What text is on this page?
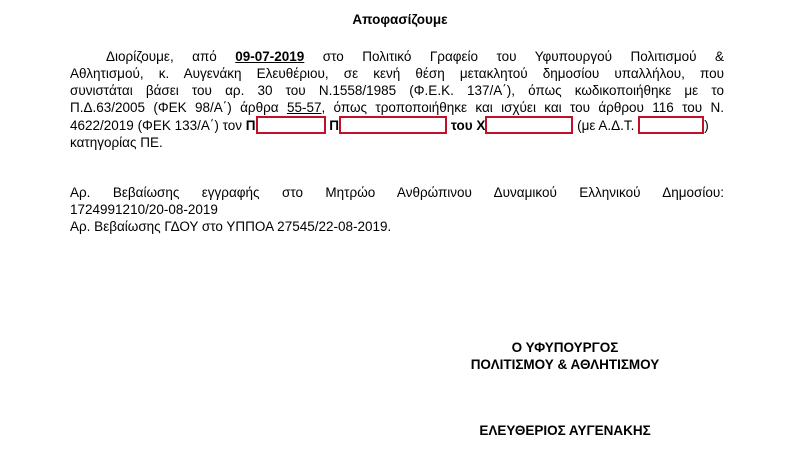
Αποφασίζουμε
Διορίζουμε, από 09-07-2019 στο Πολιτικό Γραφείο του Υφυπουργού Πολιτισμού &
Αθλητισμού, κ. Αυγενάκη Ελευθέριου, σε κενή θέση μετακλητού δημοσίου υπαλλήλου, που
συνιστάται βάσει του αρ. 30 του Ν.1558/1985 (Φ.Ε.Κ. 137/Α΄), όπως κωδικοποιήθηκε με το
Π.Δ.63/2005 (ΦΕΚ 98/Α΄) άρθρα 55-57, όπως τροποποιήθηκε και ισχύει και του άρθρου 116 του Ν.
4622/2019 (ΦΕΚ 133/Α΄) τον Π	Π	του Χ	(με Α.Δ.Τ.	)
κατηγορίας ΠΕ.
Αρ. Βεβαίωσης εγγραφής στο Μητρώο Ανθρώπινου Δυναμικού Ελληνικού Δημοσίου:
1724991210/20-08-2019
Αρ. Βεβαίωσης ΓΔΟΥ στο ΥΠΠΟΑ 27545/22-08-2019.
Ο ΥΦΥΠΟΥΡΓΟΣ
ΠΟΛΙΤΙΣΜΟΥ & ΑΘΛΗΤΙΣΜΟΥ
ΕΛΕΥΘΕΡΙΟΣ ΑΥΓΕΝΑΚΗΣ
